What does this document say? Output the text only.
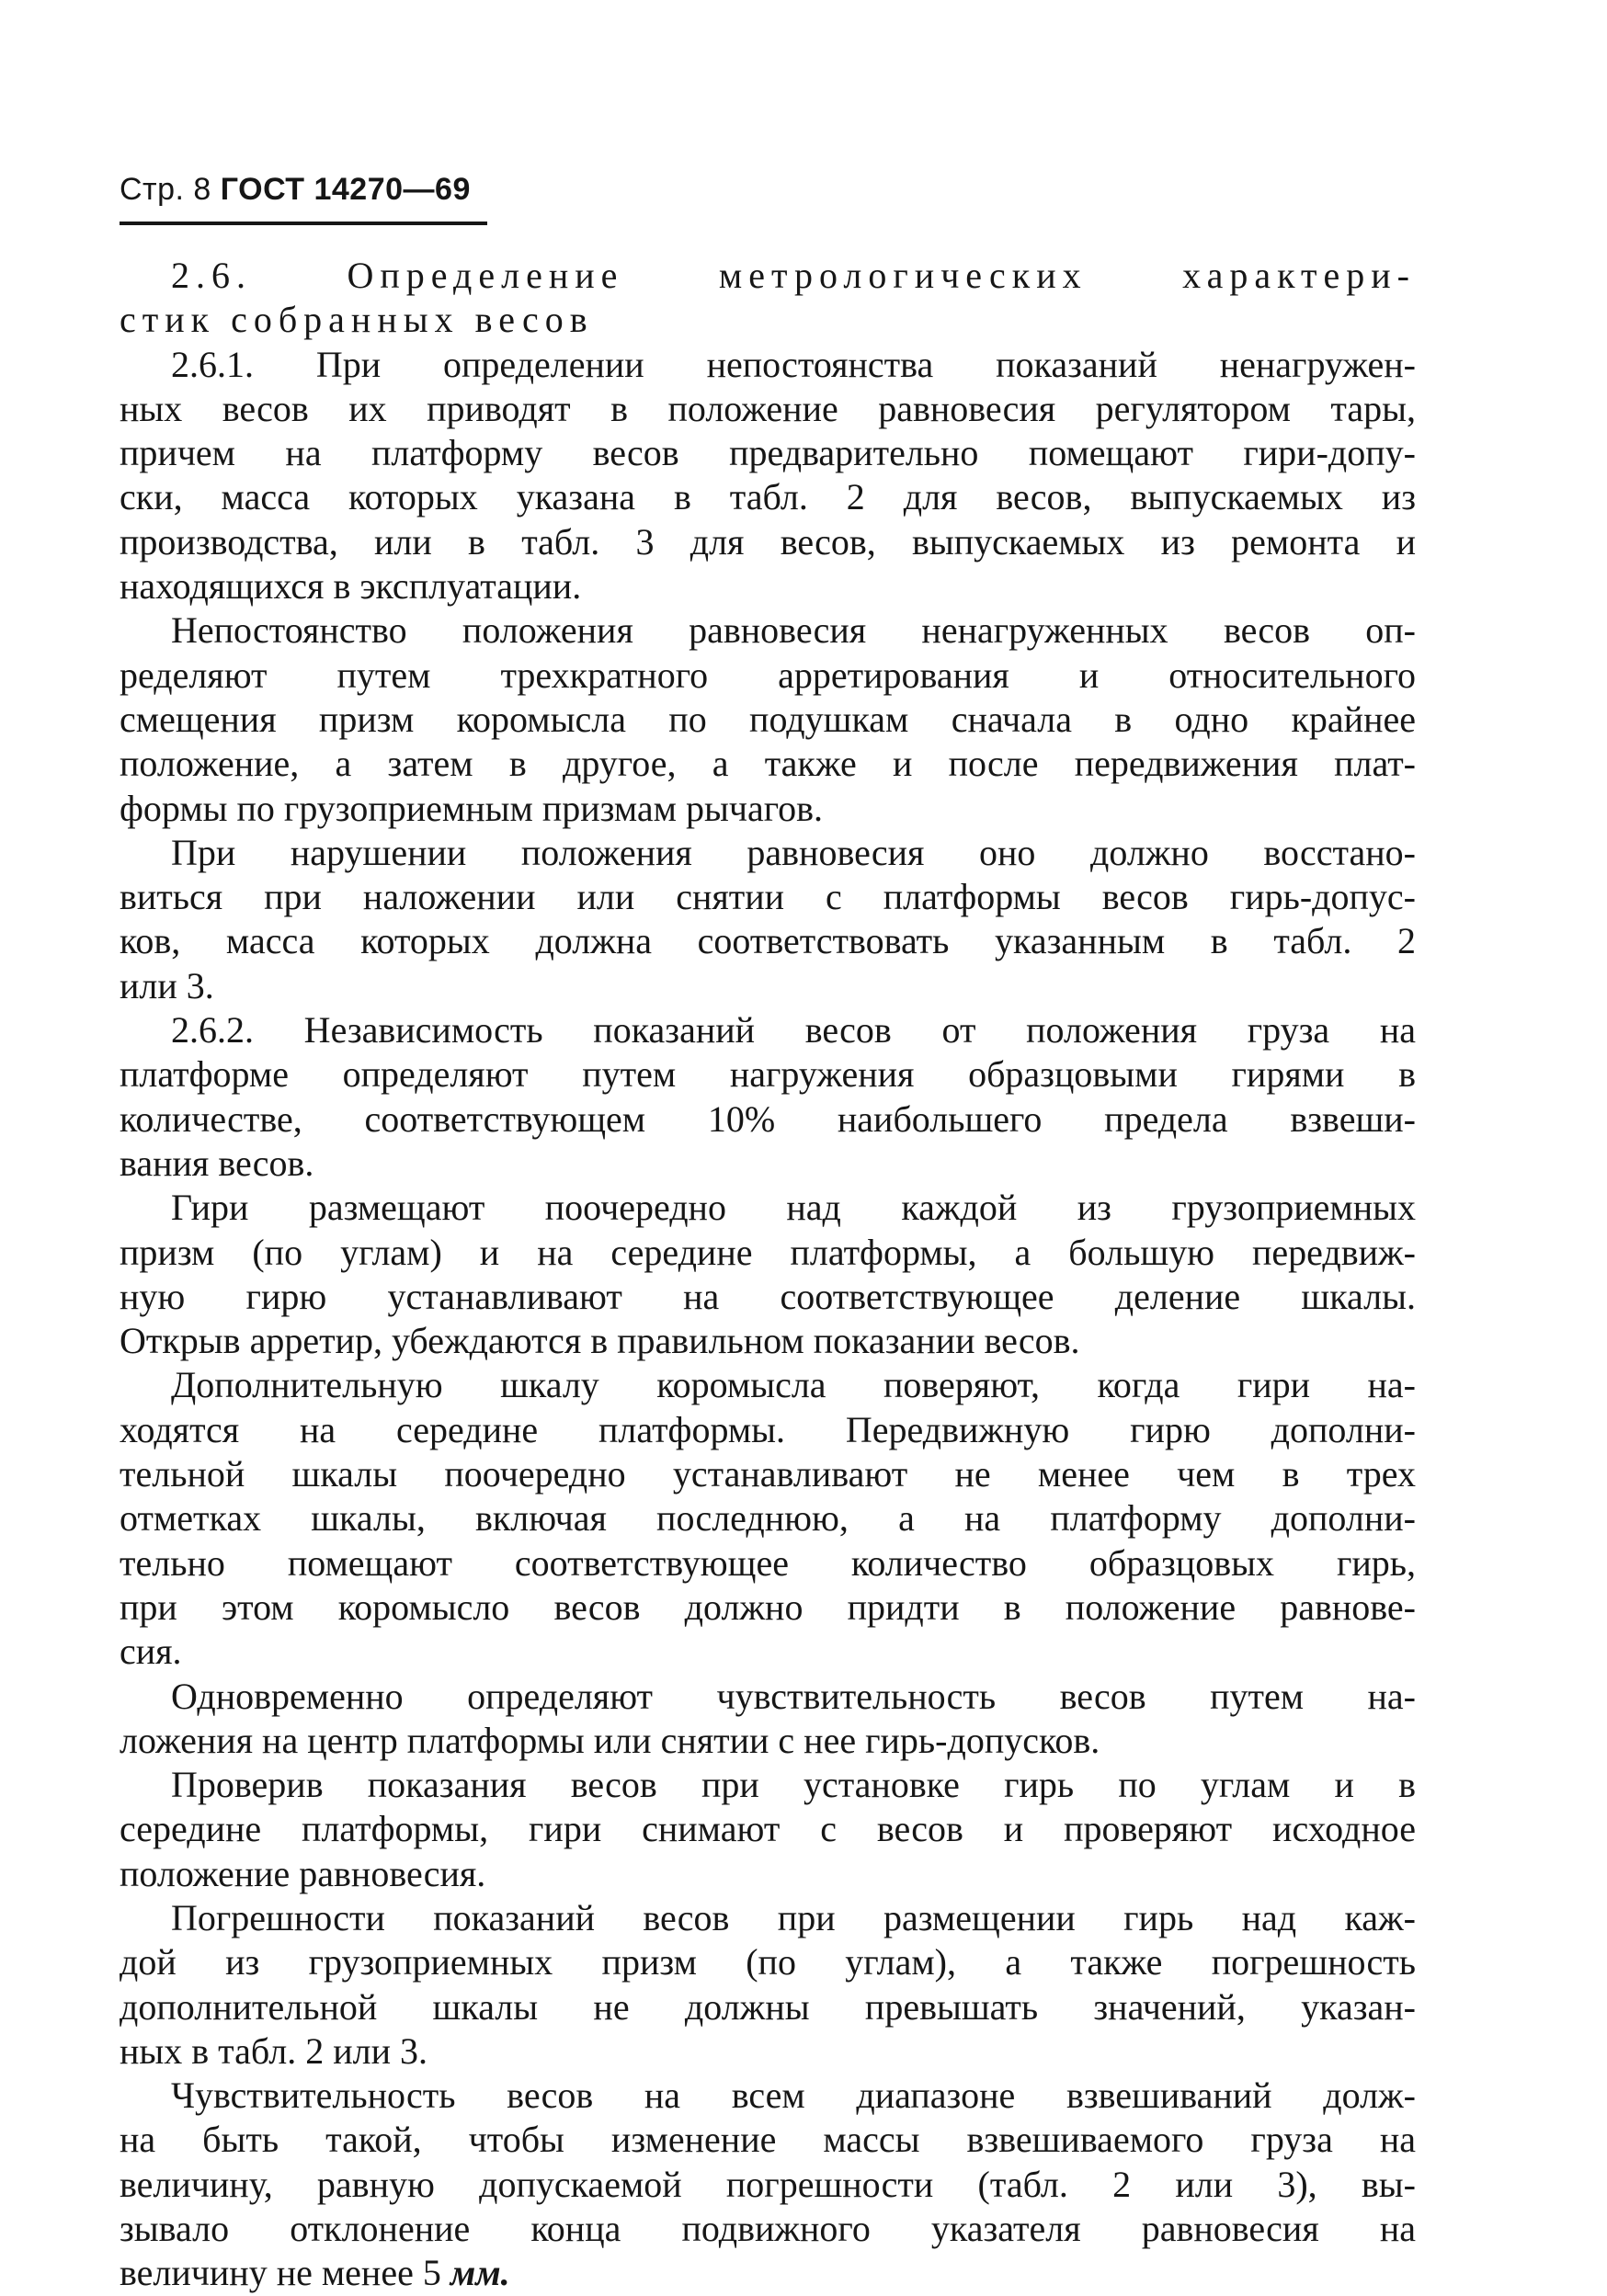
Стр. 8 ГОСТ 14270—69
2.6. Определение метрологических характери-
стик собранных весов
2.6.1. При определении непостоянства показаний ненагружен-
ных весов их приводят в положение равновесия регулятором тары,
причем на платформу весов предварительно помещают гири-допу-
ски, масса которых указана в табл. 2 для весов, выпускаемых из
производства, или в табл. 3 для весов, выпускаемых из ремонта и
находящихся в эксплуатации.
Непостоянство положения равновесия ненагруженных весов оп-
ределяют путем трехкратного арретирования и относительного
смещения призм коромысла по подушкам сначала в одно крайнее
положение, а затем в другое, а также и после передвижения плат-
формы по грузоприемным призмам рычагов.
При нарушении положения равновесия оно должно восстано-
виться при наложении или снятии с платформы весов гирь-допус-
ков, масса которых должна соответствовать указанным в табл. 2
или 3.
2.6.2. Независимость показаний весов от положения груза на
платформе определяют путем нагружения образцовыми гирями в
количестве, соответствующем 10% наибольшего предела взвеши-
вания весов.
Гири размещают поочередно над каждой из грузоприемных
призм (по углам) и на середине платформы, а большую передвиж-
ную гирю устанавливают на соответствующее деление шкалы.
Открыв арретир, убеждаются в правильном показании весов.
Дополнительную шкалу коромысла поверяют, когда гири на-
ходятся на середине платформы. Передвижную гирю дополни-
тельной шкалы поочередно устанавливают не менее чем в трех
отметках шкалы, включая последнюю, а на платформу дополни-
тельно помещают соответствующее количество образцовых гирь,
при этом коромысло весов должно придти в положение равнове-
сия.
Одновременно определяют чувствительность весов путем на-
ложения на центр платформы или снятии с нее гирь-допусков.
Проверив показания весов при установке гирь по углам и в
середине платформы, гири снимают с весов и проверяют исходное
положение равновесия.
Погрешности показаний весов при размещении гирь над каж-
дой из грузоприемных призм (по углам), а также погрешность
дополнительной шкалы не должны превышать значений, указан-
ных в табл. 2 или 3.
Чувствительность весов на всем диапазоне взвешиваний долж-
на быть такой, чтобы изменение массы взвешиваемого груза на
величину, равную допускаемой погрешности (табл. 2 или 3), вы-
зывало отклонение конца подвижного указателя равновесия на
величину не менее 5 мм.
